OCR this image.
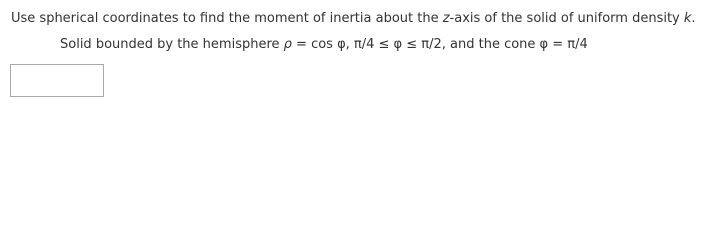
Use spherical coordinates to find the moment of inertia about the z-axis of the solid of uniform density k.
Solid bounded by the hemisphere ρ = cos φ, π/4 ≤ φ ≤ π/2, and the cone φ = π/4
